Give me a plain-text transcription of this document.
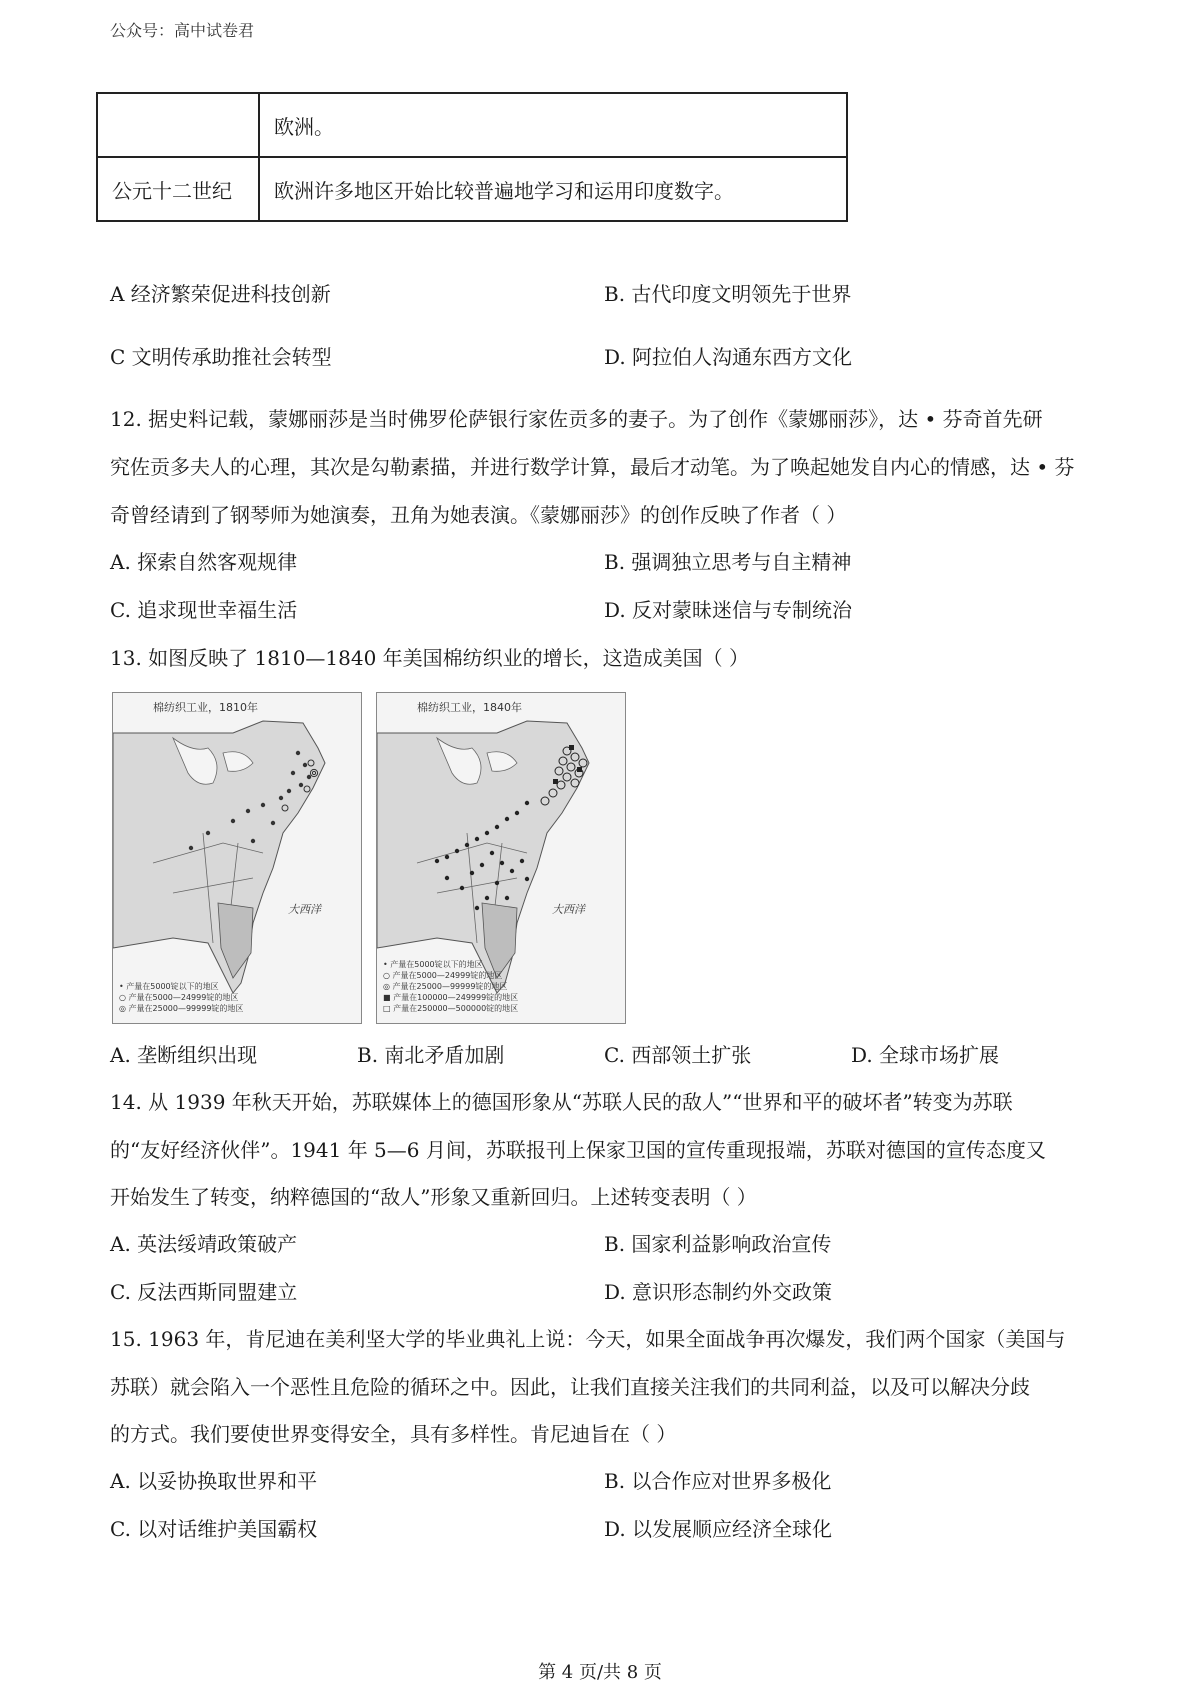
公众号：高中试卷君
	欧洲。
公元十二世纪	欧洲许多地区开始比较普遍地学习和运用印度数字。
A 经济繁荣促进科技创新	B. 古代印度文明领先于世界
C 文明传承助推社会转型	D. 阿拉伯人沟通东西方文化
12. 据史料记载，蒙娜丽莎是当时佛罗伦萨银行家佐贡多的妻子。为了创作《蒙娜丽莎》，达 • 芬奇首先研
究佐贡多夫人的心理，其次是勾勒素描，并进行数学计算，最后才动笔。为了唤起她发自内心的情感，达 • 芬
奇曾经请到了钢琴师为她演奏，丑角为她表演。《蒙娜丽莎》的创作反映了作者（ ）
A. 探索自然客观规律	B. 强调独立思考与自主精神
C. 追求现世幸福生活	D. 反对蒙昧迷信与专制统治
13. 如图反映了 1810—1840 年美国棉纺织业的增长，这造成美国（ ）
棉纺织工业，1810年
大西洋
• 产量在5000锭以下的地区
○ 产量在5000—24999锭的地区
◎ 产量在25000—99999锭的地区
棉纺织工业，1840年
大西洋
• 产量在5000锭以下的地区
○ 产量在5000—24999锭的地区
◎ 产量在25000—99999锭的地区
■ 产量在100000—249999锭的地区
□ 产量在250000—500000锭的地区
A. 垄断组织出现	B. 南北矛盾加剧	C. 西部领土扩张	D. 全球市场扩展
14. 从 1939 年秋天开始，苏联媒体上的德国形象从“苏联人民的敌人”“世界和平的破坏者”转变为苏联
的“友好经济伙伴”。1941 年 5—6 月间，苏联报刊上保家卫国的宣传重现报端，苏联对德国的宣传态度又
开始发生了转变，纳粹德国的“敌人”形象又重新回归。上述转变表明（ ）
A. 英法绥靖政策破产	B. 国家利益影响政治宣传
C. 反法西斯同盟建立	D. 意识形态制约外交政策
15. 1963 年，肯尼迪在美利坚大学的毕业典礼上说：今天，如果全面战争再次爆发，我们两个国家（美国与
苏联）就会陷入一个恶性且危险的循环之中。因此，让我们直接关注我们的共同利益，以及可以解决分歧
的方式。我们要使世界变得安全，具有多样性。肯尼迪旨在（ ）
A. 以妥协换取世界和平	B. 以合作应对世界多极化
C. 以对话维护美国霸权	D. 以发展顺应经济全球化
第 4 页/共 8 页
